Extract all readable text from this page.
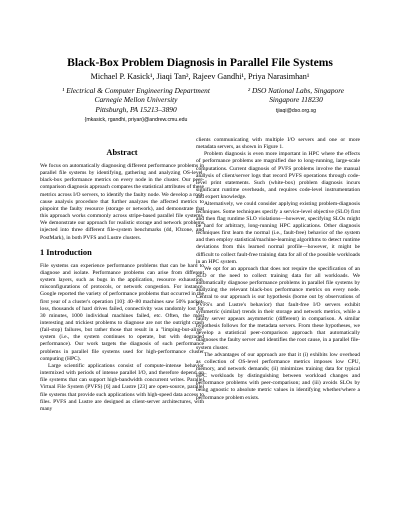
Black-Box Problem Diagnosis in Parallel File Systems
Michael P. Kasick¹, Jiaqi Tan², Rajeev Gandhi¹, Priya Narasimhan¹
¹ Electrical & Computer Engineering Department
Carnegie Mellon University
Pittsburgh, PA 15213–3890
{mkasick, rgandhi, priyan}@andrew.cmu.edu
² DSO National Labs, Singapore
Singapore 118230
tjiaqi@dso.org.sg
Abstract

We focus on automatically diagnosing different performance problems in parallel file systems by identifying, gathering and analyzing OS-level, black-box performance metrics on every node in the cluster. Our peer-comparison diagnosis approach compares the statistical attributes of these metrics across I/O servers, to identify the faulty node. We develop a root-cause analysis procedure that further analyzes the affected metrics to pinpoint the faulty resource (storage or network), and demonstrate that this approach works commonly across stripe-based parallel file systems. We demonstrate our approach for realistic storage and network problems injected into three different file-system benchmarks (dd, IOzone, and PostMark), in both PVFS and Lustre clusters.

1 Introduction

File systems can experience performance problems that can be hard to diagnose and isolate. Performance problems can arise from different system layers, such as bugs in the application, resource exhaustion, misconfigurations of protocols, or network congestion. For instance, Google reported the variety of performance problems that occurred in the first year of a cluster's operation [10]: 40–80 machines saw 50% packet-loss, thousands of hard drives failed, connectivity was randomly lost for 30 minutes, 1000 individual machines failed, etc. Often, the most interesting and trickiest problems to diagnose are not the outright crash (fail-stop) failures, but rather those that result in a "limping-but-alive" system (i.e., the system continues to operate, but with degraded performance). Our work targets the diagnosis of such performance problems in parallel file systems used for high-performance cluster computing (HPC).

Large scientific applications consist of compute-intense behavior intermixed with periods of intense parallel I/O, and therefore depend on file systems that can support high-bandwidth concurrent writes. Parallel Virtual File System (PVFS) [6] and Lustre [23] are open-source, parallel file systems that provide such applications with high-speed data access to files. PVFS and Lustre are designed as client-server architectures, with many

clients communicating with multiple I/O servers and one or more metadata servers, as shown in Figure 1.

Problem diagnosis is even more important in HPC where the effects of performance problems are magnified due to long-running, large-scale computations. Current diagnosis of PVFS problems involve the manual analysis of client/server logs that record PVFS operations through code-level print statements. Such (white-box) problem diagnosis incurs significant runtime overheads, and requires code-level instrumentation and expert knowledge.

Alternatively, we could consider applying existing problem-diagnosis techniques. Some techniques specify a service-level objective (SLO) first and then flag runtime SLO violations—however, specifying SLOs might be hard for arbitrary, long-running HPC applications. Other diagnosis techniques first learn the normal (i.e., fault-free) behavior of the system and then employ statistical/machine-learning algorithms to detect runtime deviations from this learned normal profile—however, it might be difficult to collect fault-free training data for all of the possible workloads in an HPC system.

We opt for an approach that does not require the specification of an SLO or the need to collect training data for all workloads. We automatically diagnose performance problems in parallel file systems by analyzing the relevant black-box performance metrics on every node. Central to our approach is our hypothesis (borne out by observations of PVFS's and Lustre's behavior) that fault-free I/O servers exhibit symmetric (similar) trends in their storage and network metrics, while a faulty server appears asymmetric (different) in comparison. A similar hypothesis follows for the metadata servers. From these hypotheses, we develop a statistical peer-comparison approach that automatically diagnoses the faulty server and identifies the root cause, in a parallel file-system cluster.

The advantages of our approach are that it (i) exhibits low overhead as collection of OS-level performance metrics imposes low CPU, memory, and network demands; (ii) minimizes training data for typical HPC workloads by distinguishing between workload changes and performance problems with peer-comparison; and (iii) avoids SLOs by being agnostic to absolute metric values in identifying whether/where a performance problem exists.
